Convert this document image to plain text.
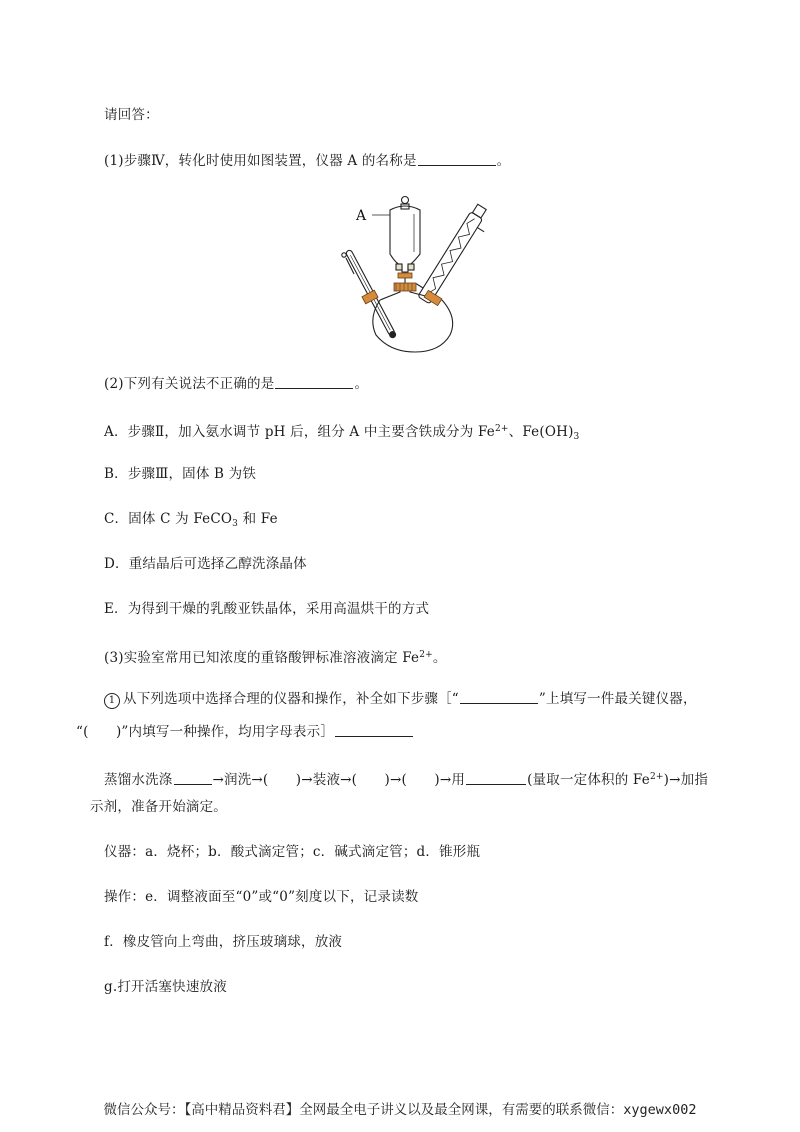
请回答：
(1)步骤Ⅳ，转化时使用如图装置，仪器 A 的名称是	。
A
(2)下列有关说法不正确的是	。
A．步骤Ⅱ，加入氨水调节 pH 后，组分 A 中主要含铁成分为 $Fe^{2+}$、$Fe(OH)_3$
B．步骤Ⅲ，固体 B 为铁
C．固体 C 为 FeCO$_3$ 和 Fe
D．重结晶后可选择乙醇洗涤晶体
E．为得到干燥的乳酸亚铁晶体，采用高温烘干的方式
(3)实验室常用已知浓度的重铬酸钾标准溶液滴定 $Fe^{2+}$。
1 从下列选项中选择合理的仪器和操作，补全如下步骤［“	”上填写一件最关键仪器，
“(　　)”内填写一种操作，均用字母表示］
蒸馏水洗涤	→润洗→(　　)→装液→(　　)→(　　)→用	(量取一定体积的 $Fe^{2+})\to$加指
示剂，准备开始滴定。
仪器：a．烧杯；b．酸式滴定管；c．碱式滴定管；d．锥形瓶
操作：e．调整液面至“0”或“0”刻度以下，记录读数
f．橡皮管向上弯曲，挤压玻璃球，放液
g.打开活塞快速放液
微信公众号：【高中精品资料君】全网最全电子讲义以及最全网课，有需要的联系微信：xygewx002
